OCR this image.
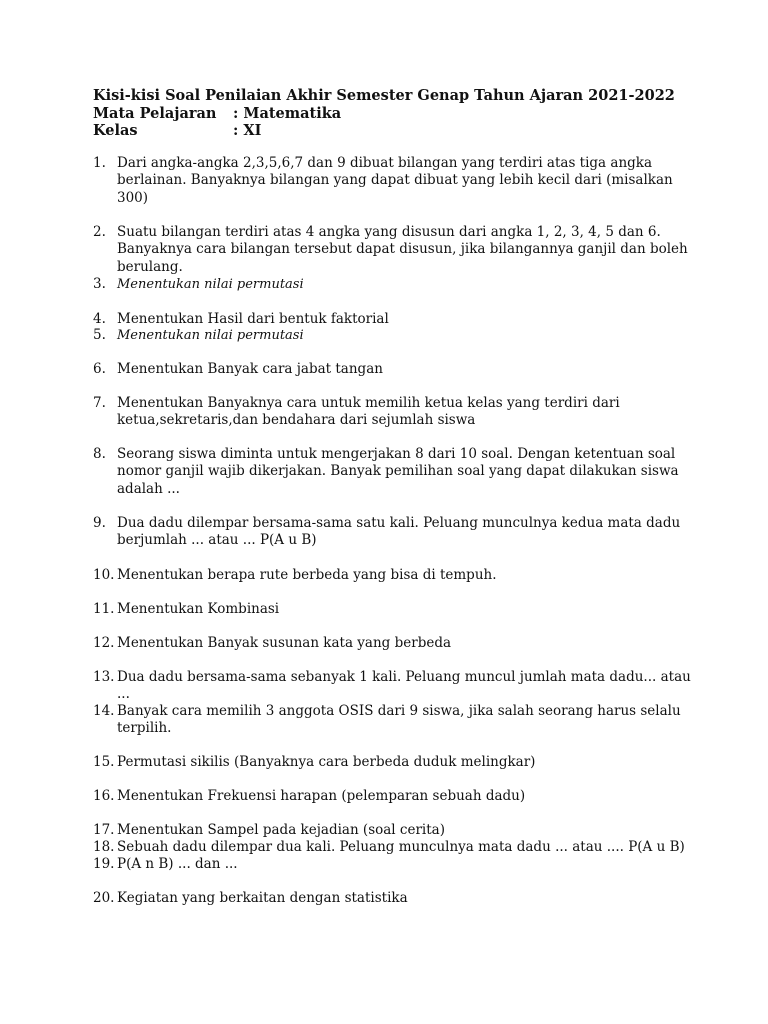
Kisi-kisi Soal Penilaian Akhir Semester Genap Tahun Ajaran 2021-2022
Mata Pelajaran : Matematika
Kelas	: XI
1. Dari angka-angka 2,3,5,6,7 dan 9 dibuat bilangan yang terdiri atas tiga angka berlainan. Banyaknya bilangan yang dapat dibuat yang lebih kecil dari (misalkan 300)
2. Suatu bilangan terdiri atas 4 angka yang disusun dari angka 1, 2, 3, 4, 5 dan 6. Banyaknya cara bilangan tersebut dapat disusun, jika bilangannya ganjil dan boleh berulang.
3. Menentukan nilai permutasi
4. Menentukan Hasil dari bentuk faktorial
5. Menentukan nilai permutasi
6. Menentukan Banyak cara jabat tangan
7. Menentukan Banyaknya cara untuk memilih ketua kelas yang terdiri dari ketua,sekretaris,dan bendahara dari sejumlah siswa
8. Seorang siswa diminta untuk mengerjakan 8 dari 10 soal. Dengan ketentuan soal nomor ganjil wajib dikerjakan. Banyak pemilihan soal yang dapat dilakukan siswa adalah ...
9. Dua dadu dilempar bersama-sama satu kali. Peluang munculnya kedua mata dadu berjumlah ... atau ... P(A u B)
10. Menentukan berapa rute berbeda yang bisa di tempuh.
11. Menentukan Kombinasi
12. Menentukan Banyak susunan kata yang berbeda
13. Dua dadu bersama-sama sebanyak 1 kali. Peluang muncul jumlah mata dadu... atau ...
14. Banyak cara memilih 3 anggota OSIS dari 9 siswa, jika salah seorang harus selalu terpilih.
15. Permutasi sikilis (Banyaknya cara berbeda duduk melingkar)
16. Menentukan Frekuensi harapan (pelemparan sebuah dadu)
17. Menentukan Sampel pada kejadian (soal cerita)
18. Sebuah dadu dilempar dua kali. Peluang munculnya mata dadu ... atau .... P(A u B)
19. P(A n B) ... dan ...
20. Kegiatan yang berkaitan dengan statistika
